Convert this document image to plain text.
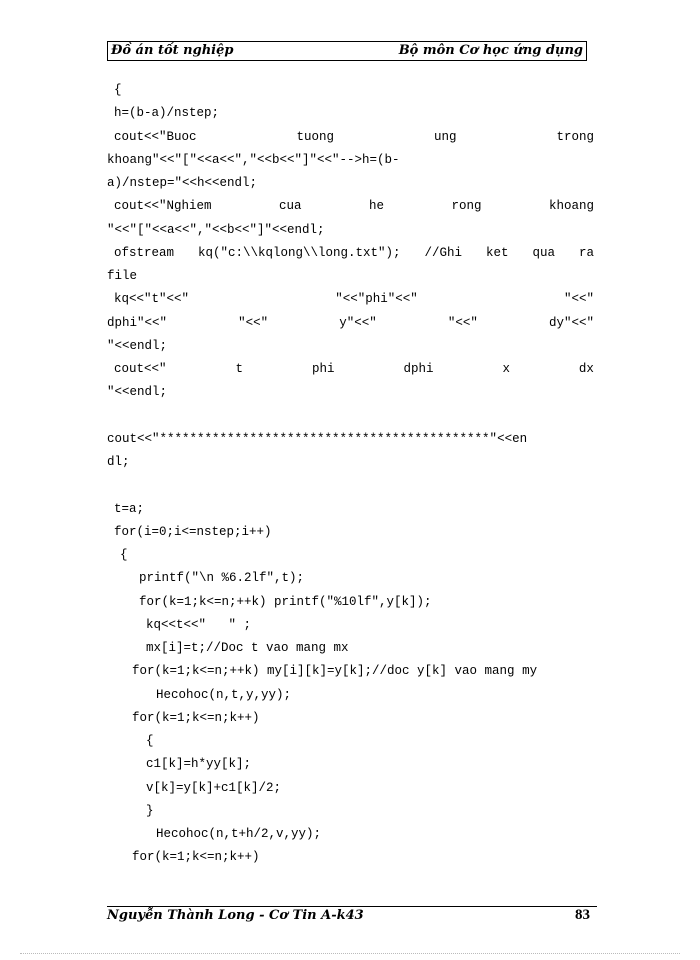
Đồ án tốt nghiệp	Bộ môn Cơ học ứng dụng
{
h=(b-a)/nstep;
cout<<"Buoc	tuong	ung	trong
khoang"<<"["<<a<<","<<b<<"]"<<"-->h=(b-
a)/nstep="<<h<<endl;
cout<<"Nghiem	cua	he	rong	khoang
"<<"["<<a<<","<<b<<"]"<<endl;
ofstream kq("c:\\kqlong\\long.txt"); //Ghi ket qua ra
file
kq<<"t"<<"	"<<"phi"<<"	"<<"
dphi"<<"	"<<"	y"<<"	"<<"	dy"<<"
"<<endl;
cout<<"	t	phi	dphi	x	dx
"<<endl;
cout<<"********************************************"<<en
dl;
t=a;
for(i=0;i<=nstep;i++)
{
printf("\n %6.2lf",t);
for(k=1;k<=n;++k) printf("%10lf",y[k]);
kq<<t<<"   " ;
mx[i]=t;//Doc t vao mang mx
for(k=1;k<=n;++k) my[i][k]=y[k];//doc y[k] vao mang my
Hecohoc(n,t,y,yy);
for(k=1;k<=n;k++)
{
c1[k]=h*yy[k];
v[k]=y[k]+c1[k]/2;
}
Hecohoc(n,t+h/2,v,yy);
for(k=1;k<=n;k++)
Nguyễn Thành Long - Cơ Tin A-k43	83
